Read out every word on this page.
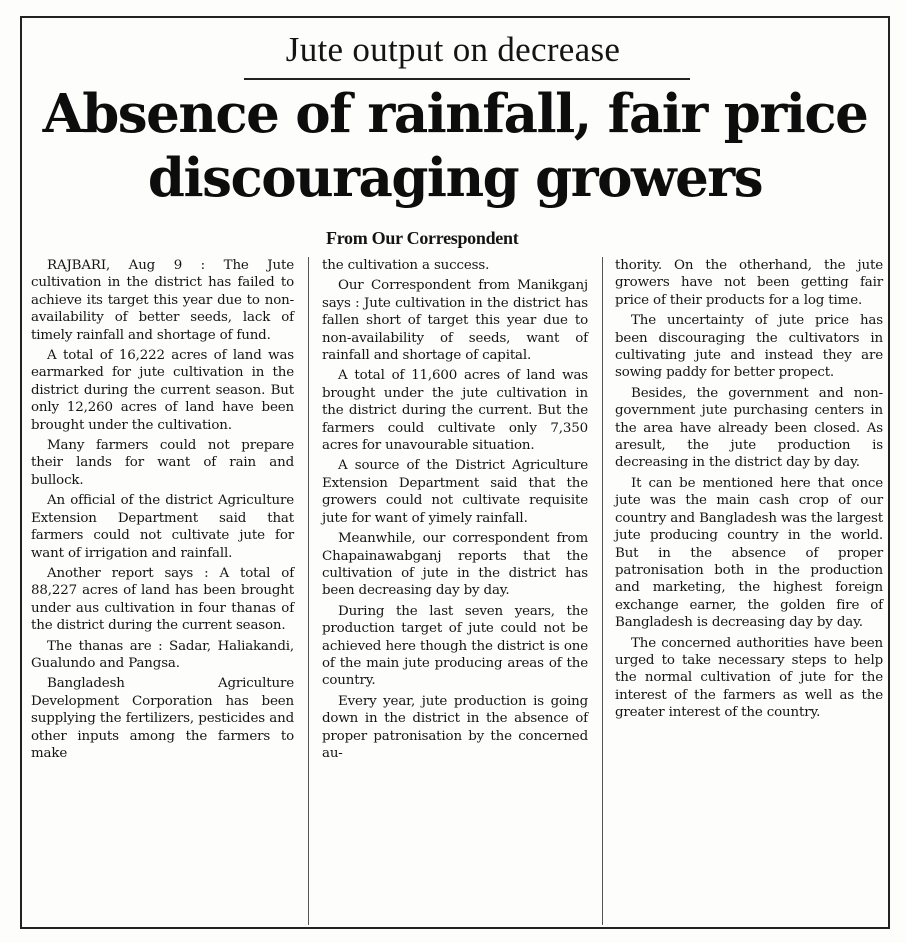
Jute output on decrease
Absence of rainfall, fair price discouraging growers
From Our Correspondent

RAJBARI, Aug 9 : The Jute cultivation in the district has failed to achieve its target this year due to non-availability of better seeds, lack of timely rainfall and shortage of fund.

A total of 16,222 acres of land was earmarked for jute cultivation in the district during the current season. But only 12,260 acres of land have been brought under the cultivation.

Many farmers could not prepare their lands for want of rain and bullock.

An official of the district Agriculture Extension Department said that farmers could not cultivate jute for want of irrigation and rainfall.

Another report says : A total of 88,227 acres of land has been brought under aus cultivation in four thanas of the district during the current season.

The thanas are : Sadar, Haliakandi, Gualundo and Pangsa.

Bangladesh Agriculture Development Corporation has been supplying the fertilizers, pesticides and other inputs among the farmers to make

the cultivation a success.

Our Correspondent from Manikganj says : Jute cultivation in the district has fallen short of target this year due to non-availability of seeds, want of rainfall and shortage of capital.

A total of 11,600 acres of land was brought under the jute cultivation in the district during the current. But the farmers could cultivate only 7,350 acres for unavourable situation.

A source of the District Agriculture Extension Department said that the growers could not cultivate requisite jute for want of yimely rainfall.

Meanwhile, our correspondent from Chapainawabganj reports that the cultivation of jute in the district has been decreasing day by day.

During the last seven years, the production target of jute could not be achieved here though the district is one of the main jute producing areas of the country.

Every year, jute production is going down in the district in the absence of proper patronisation by the concerned au-

thority. On the otherhand, the jute growers have not been getting fair price of their products for a log time.

The uncertainty of jute price has been discouraging the cultivators in cultivating jute and instead they are sowing paddy for better propect.

Besides, the government and non-government jute purchasing centers in the area have already been closed. As aresult, the jute production is decreasing in the district day by day.

It can be mentioned here that once jute was the main cash crop of our country and Bangladesh was the largest jute producing country in the world. But in the absence of proper patronisation both in the production and marketing, the highest foreign exchange earner, the golden fire of Bangladesh is decreasing day by day.

The concerned authorities have been urged to take necessary steps to help the normal cultivation of jute for the interest of the farmers as well as the greater interest of the country.
